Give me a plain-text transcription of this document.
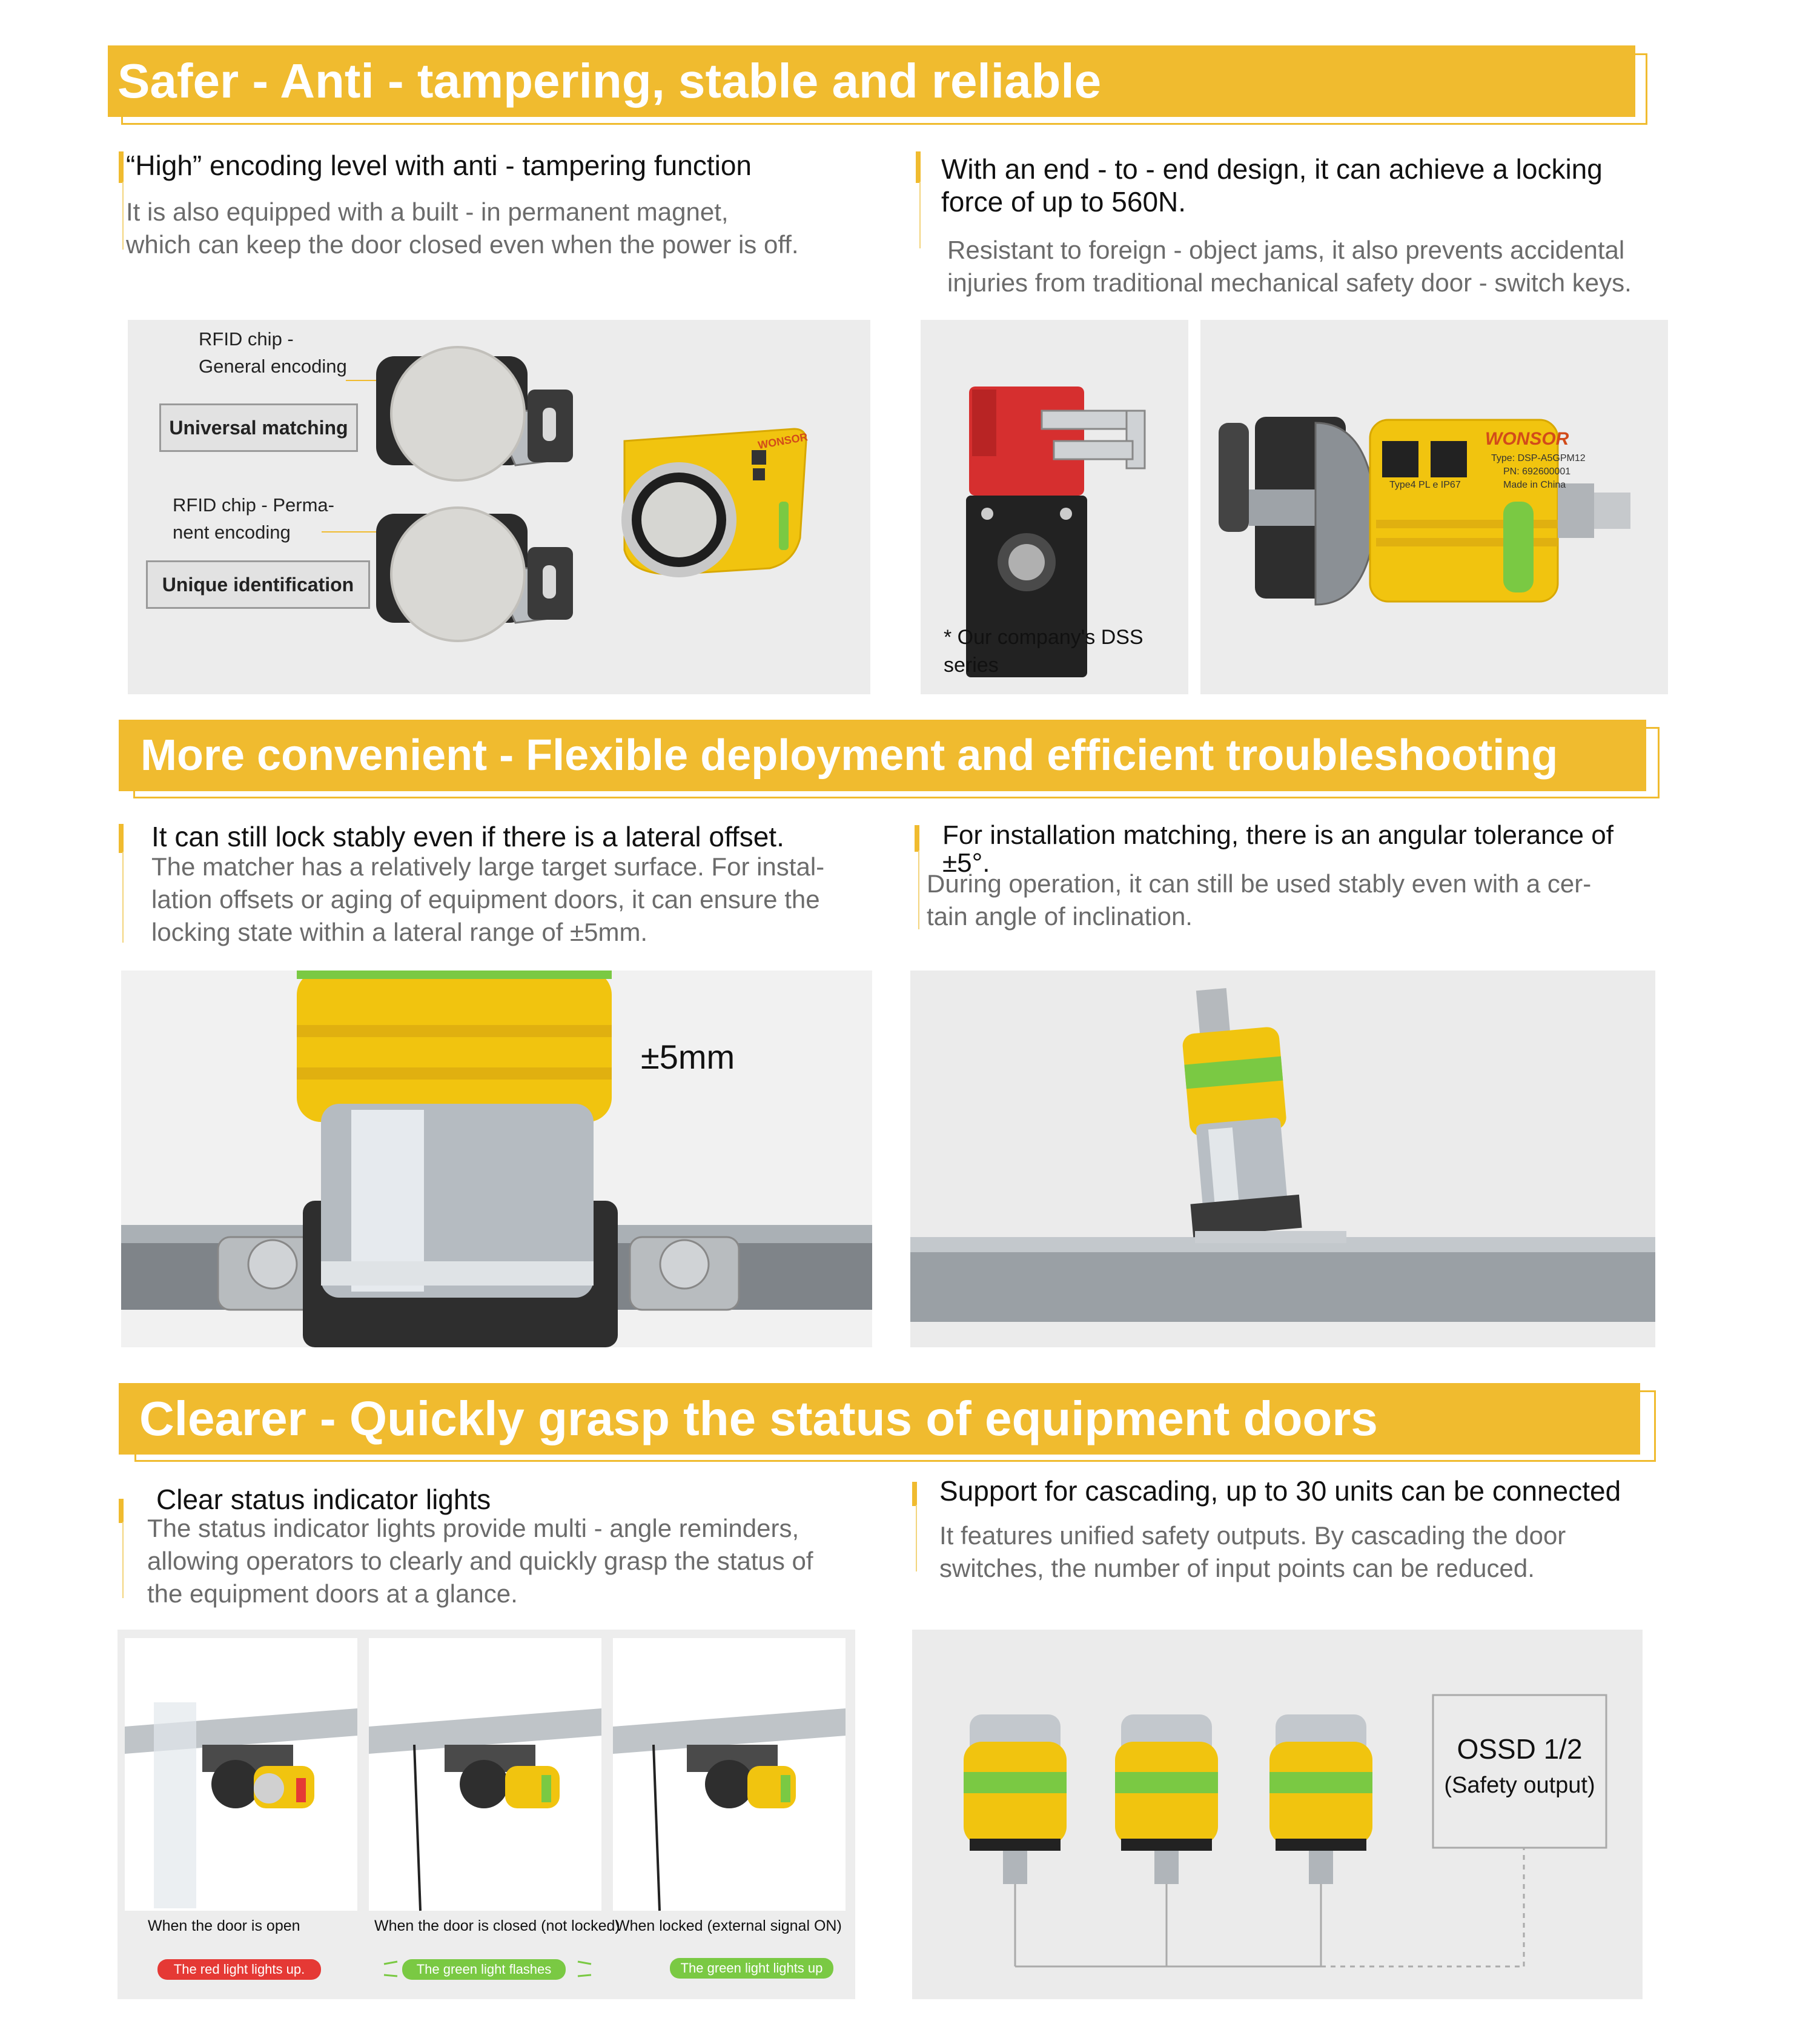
Safer - Anti - tampering, stable and reliable
“High” encoding level with anti - tampering function
It is also equipped with a built - in permanent magnet,
which can keep the door closed even when the power is off.
With an end - to - end design, it can achieve a locking
force of up to 560N.
Resistant to foreign - object jams, it also prevents accidental
injuries from traditional mechanical safety door - switch keys.
RFID chip -
General encoding
Universal matching
RFID chip - Perma-
nent encoding
Unique identification
WONSOR
* Our company's DSS
series
WONSOR
Type: DSP-A5GPM12
PN: 692600001
Type4 PL e IP67	Made in China
More convenient - Flexible deployment and efficient troubleshooting
It can still lock stably even if there is a lateral offset.
The matcher has a relatively large target surface. For instal-
lation offsets or aging of equipment doors, it can ensure the
locking state within a lateral range of ±5mm.
For installation matching, there is an angular tolerance of
±5°.
During operation, it can still be used stably even with a cer-
tain angle of inclination.
±5mm
Clearer - Quickly grasp the status of equipment doors
Clear status indicator lights
The status indicator lights provide multi - angle reminders,
allowing operators to clearly and quickly grasp the status of
the equipment doors at a glance.
Support for cascading, up to 30 units can be connected
It features unified safety outputs. By cascading the door
switches, the number of input points can be reduced.
When the door is open	When the door is closed (not locked)
When locked (external signal ON)
The red light lights up.	The green light flashes	The green light lights up
OSSD 1/2
(Safety output)
